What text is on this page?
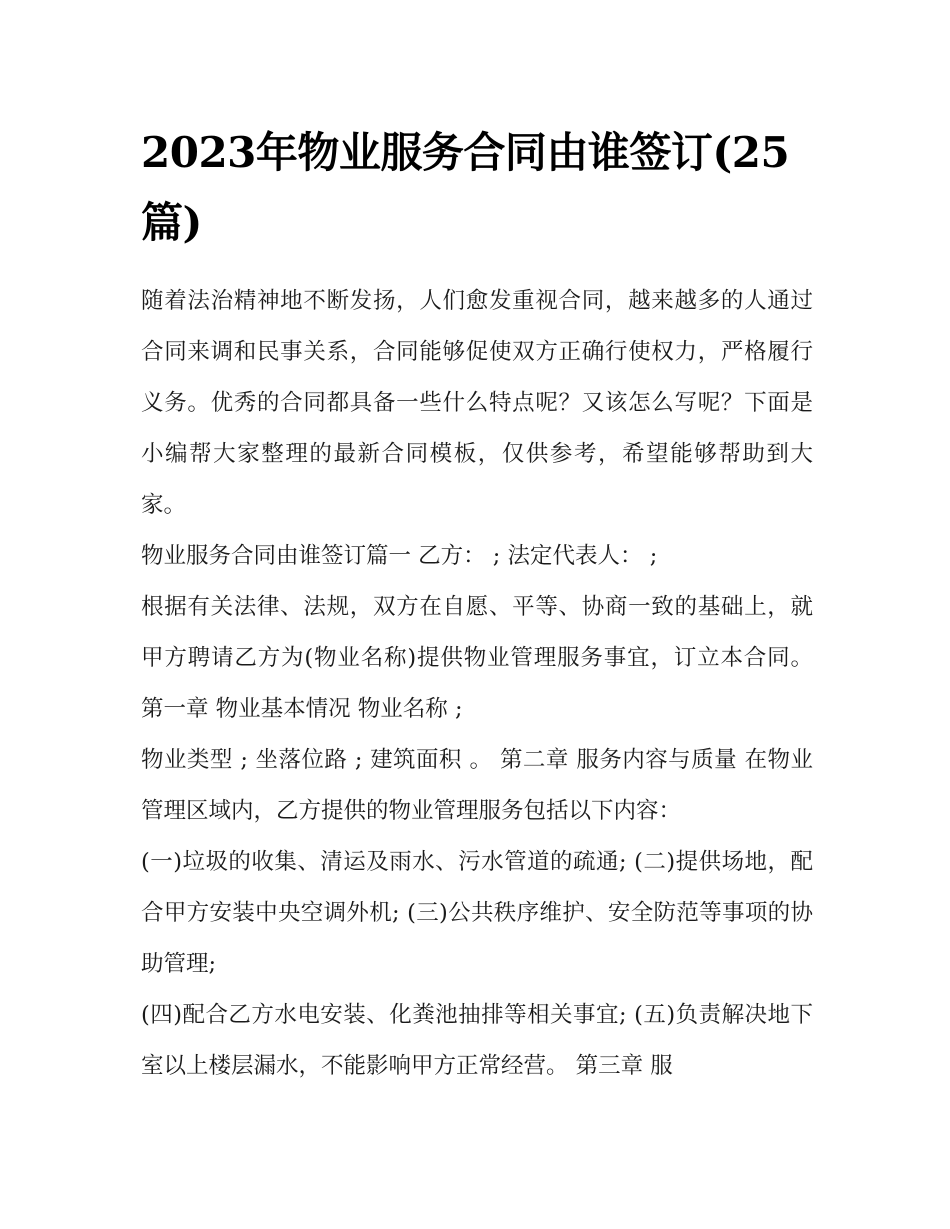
2023年物业服务合同由谁签订(25篇)

随着法治精神地不断发扬，人们愈发重视合同，越来越多的人通过合同来调和民事关系，合同能够促使双方正确行使权力，严格履行义务。优秀的合同都具备一些什么特点呢？又该怎么写呢？下面是小编帮大家整理的最新合同模板，仅供参考，希望能够帮助到大家。

物业服务合同由谁签订篇一 乙方： ; 法定代表人： ;

根据有关法律、法规，双方在自愿、平等、协商一致的基础上，就甲方聘请乙方为(物业名称)提供物业管理服务事宜，订立本合同。 第一章 物业基本情况 物业名称 ;

物业类型 ; 坐落位路 ; 建筑面积 。 第二章 服务内容与质量 在物业管理区域内，乙方提供的物业管理服务包括以下内容：

(一)垃圾的收集、清运及雨水、污水管道的疏通; (二)提供场地，配合甲方安装中央空调外机; (三)公共秩序维护、安全防范等事项的协助管理;

(四)配合乙方水电安装、化粪池抽排等相关事宜; (五)负责解决地下室以上楼层漏水，不能影响甲方正常经营。 第三章 服
